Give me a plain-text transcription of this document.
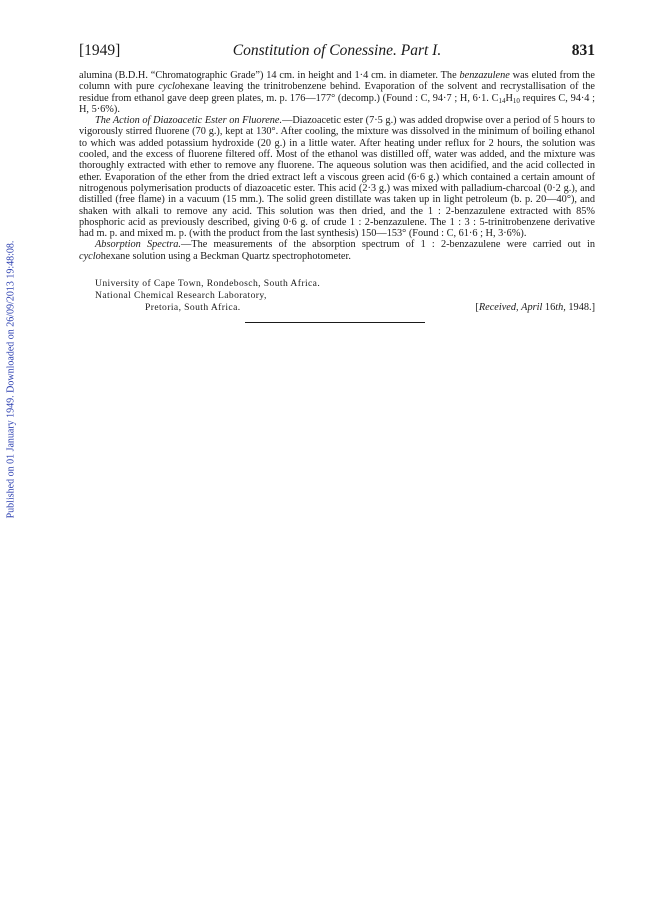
Published on 01 January 1949. Downloaded on 26/09/2013 19:48:08.
[1949]	Constitution of Conessine. Part I.	831

alumina (B.D.H. “Chromatographic Grade”) 14 cm. in height and 1·4 cm. in diameter. The benzazulene was eluted from the column with pure cyclohexane leaving the trinitrobenzene behind. Evaporation of the solvent and recrystallisation of the residue from ethanol gave deep green plates, m. p. 176—177° (decomp.) (Found : C, 94·7 ; H, 6·1. $C_{14}H_{10}$ requires C, 94·4 ; H, 5·6%).

The Action of Diazoacetic Ester on Fluorene.—Diazoacetic ester (7·5 g.) was added dropwise over a period of 5 hours to vigorously stirred fluorene (70 g.), kept at 130°. After cooling, the mixture was dissolved in the minimum of boiling ethanol to which was added potassium hydroxide (20 g.) in a little water. After heating under reflux for 2 hours, the solution was cooled, and the excess of fluorene filtered off. Most of the ethanol was distilled off, water was added, and the mixture was thoroughly extracted with ether to remove any fluorene. The aqueous solution was then acidified, and the acid collected in ether. Evaporation of the ether from the dried extract left a viscous green acid (6·6 g.) which contained a certain amount of nitrogenous polymerisation products of diazoacetic ester. This acid (2·3 g.) was mixed with palladium-charcoal (0·2 g.), and distilled (free flame) in a vacuum (15 mm.). The solid green distillate was taken up in light petroleum (b. p. 20—40°), and shaken with alkali to remove any acid. This solution was then dried, and the 1 : 2-benzazulene extracted with 85% phosphoric acid as previously described, giving 0·6 g. of crude 1 : 2-benzazulene. The 1 : 3 : 5-trinitrobenzene derivative had m. p. and mixed m. p. (with the product from the last synthesis) 150—153° (Found : C, 61·6 ; H, 3·6%).

Absorption Spectra.—The measurements of the absorption spectrum of 1 : 2-benzazulene were carried out in cyclohexane solution using a Beckman Quartz spectrophotometer.

University of Cape Town, Rondebosch, South Africa.
National Chemical Research Laboratory,
Pretoria, South Africa.	[Received, April 16th, 1948.]
